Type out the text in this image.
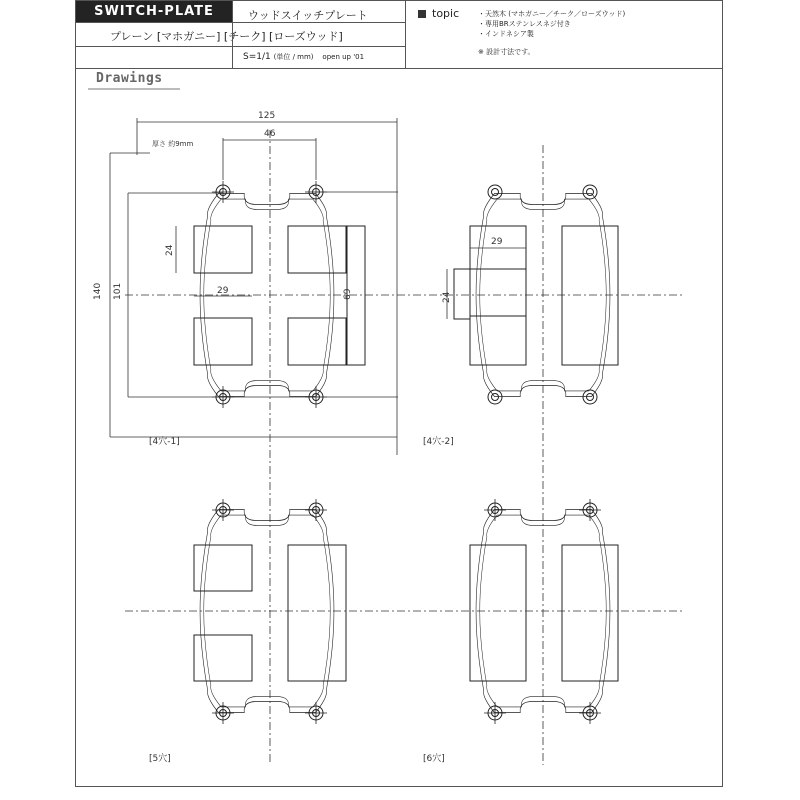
SWITCH-PLATE	ウッドスイッチプレート
プレーン [マホガニー] [チーク] [ローズウッド]
S=1/1 (単位 / mm) open up '01
topic	・天然木 (マホガニー／チーク／ローズウッド)
・専用BRステンレスネジ付き
・インドネシア製
※ 設計寸法です。
Drawings
[4穴-1]	[4穴-2]
[5穴]	[6穴]
125
46
厚さ 約9mm
140 101
24
29	69
29
24
